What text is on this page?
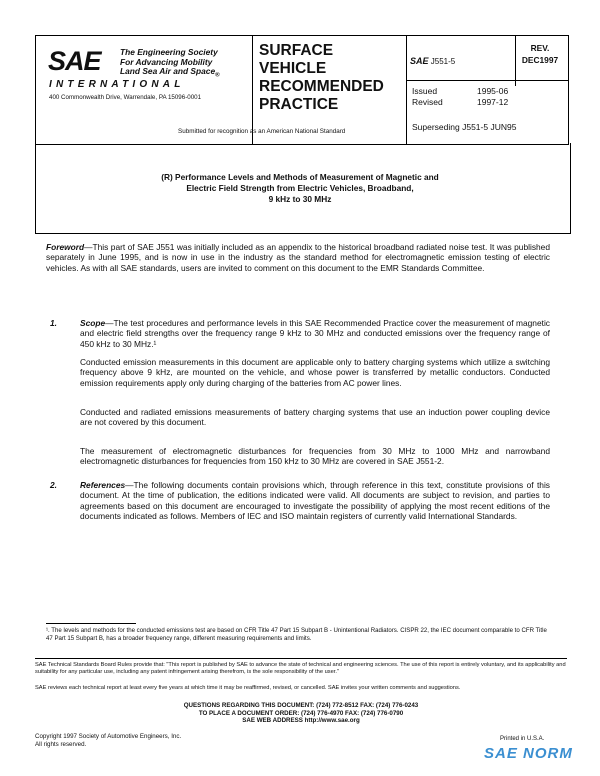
SAE The Engineering Society
For Advancing Mobility
Land Sea Air and Space$_®$
INTERNATIONAL
400 Commonwealth Drive, Warrendale, PA 15096-0001
SURFACE
VEHICLE
RECOMMENDED
PRACTICE
Submitted for recognition as an American National Standard
SAE J551-5
REV.
DEC1997
Issued	1995-06
Revised	1997-12
Superseding J551-5 JUN95
(R) Performance Levels and Methods of Measurement of Magnetic and
Electric Field Strength from Electric Vehicles, Broadband,
9 kHz to 30 MHz
Foreword—This part of SAE J551 was initially included as an appendix to the historical broadband radiated noise test. It was published separately in June 1995, and is now in use in the industry as the standard method for electromagnetic emission testing of electric vehicles. As with all SAE standards, users are invited to comment on this document to the EMR Standards Committee.
1.	Scope—The test procedures and performance levels in this SAE Recommended Practice cover the measurement of magnetic and electric field strengths over the frequency range 9 kHz to 30 MHz and conducted emissions over the frequency range of 450 kHz to 30 MHz.¹
Conducted emission measurements in this document are applicable only to battery charging systems which utilize a switching frequency above 9 kHz, are mounted on the vehicle, and whose power is transferred by metallic conductors. Conducted emission requirements apply only during charging of the batteries from AC power lines.
Conducted and radiated emissions measurements of battery charging systems that use an induction power coupling device are not covered by this document.
The measurement of electromagnetic disturbances for frequencies from 30 MHz to 1000 MHz and narrowband electromagnetic disturbances for frequencies from 150 kHz to 30 MHz are covered in SAE J551-2.
2.	References—The following documents contain provisions which, through reference in this text, constitute provisions of this document. At the time of publication, the editions indicated were valid. All documents are subject to revision, and parties to agreements based on this document are encouraged to investigate the possibility of applying the most recent editions of the documents indicated as follows. Members of IEC and ISO maintain registers of currently valid International Standards.
¹. The levels and methods for the conducted emissions test are based on CFR Title 47 Part 15 Subpart B - Unintentional Radiators. CISPR 22, the IEC document comparable to CFR Title 47 Part 15 Subpart B, has a broader frequency range, different measuring requirements and limits.
SAE Technical Standards Board Rules provide that: "This report is published by SAE to advance the state of technical and engineering sciences. The use of this report is entirely voluntary, and its applicability and suitability for any particular use, including any patent infringement arising therefrom, is the sole responsibility of the user."
SAE reviews each technical report at least every five years at which time it may be reaffirmed, revised, or cancelled. SAE invites your written comments and suggestions.
QUESTIONS REGARDING THIS DOCUMENT: (724) 772-8512 FAX: (724) 776-0243
TO PLACE A DOCUMENT ORDER: (724) 776-4970 FAX: (724) 776-0790
SAE WEB ADDRESS http://www.sae.org
Copyright 1997 Society of Automotive Engineers, Inc.
All rights reserved.
Printed in U.S.A.
SAE NORM
